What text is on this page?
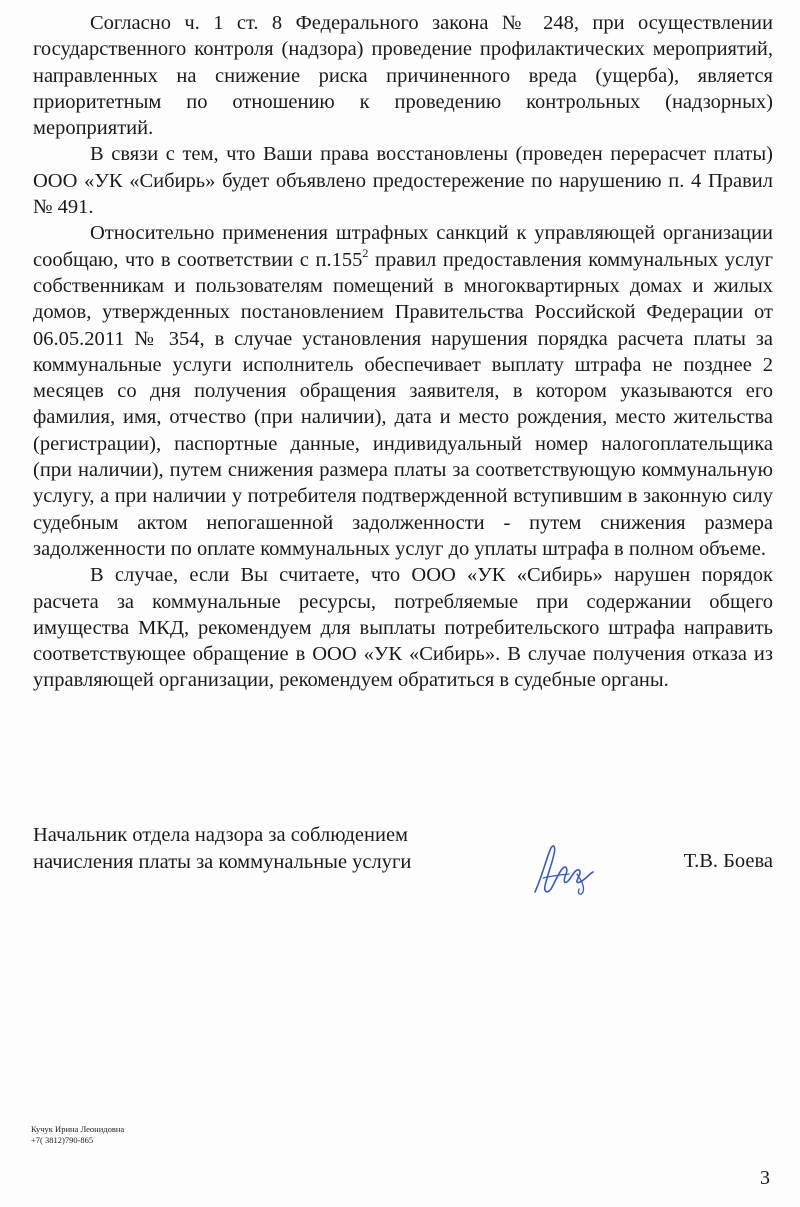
Согласно ч. 1 ст. 8 Федерального закона № 248, при осуществлении государственного контроля (надзора) проведение профилактических мероприятий, направленных на снижение риска причиненного вреда (ущерба), является приоритетным по отношению к проведению контрольных (надзорных) мероприятий.

В связи с тем, что Ваши права восстановлены (проведен перерасчет платы) ООО «УК «Сибирь» будет объявлено предостережение по нарушению п. 4 Правил № 491.

Относительно применения штрафных санкций к управляющей организации сообщаю, что в соответствии с п.155$^2$ правил предоставления коммунальных услуг собственникам и пользователям помещений в многоквартирных домах и жилых домов, утвержденных постановлением Правительства Российской Федерации от 06.05.2011 № 354, в случае установления нарушения порядка расчета платы за коммунальные услуги исполнитель обеспечивает выплату штрафа не позднее 2 месяцев со дня получения обращения заявителя, в котором указываются его фамилия, имя, отчество (при наличии), дата и место рождения, место жительства (регистрации), паспортные данные, индивидуальный номер налогоплательщика (при наличии), путем снижения размера платы за соответствующую коммунальную услугу, а при наличии у потребителя подтвержденной вступившим в законную силу судебным актом непогашенной задолженности - путем снижения размера задолженности по оплате коммунальных услуг до уплаты штрафа в полном объеме.

В случае, если Вы считаете, что ООО «УК «Сибирь» нарушен порядок расчета за коммунальные ресурсы, потребляемые при содержании общего имущества МКД, рекомендуем для выплаты потребительского штрафа направить соответствующее обращение в ООО «УК «Сибирь». В случае получения отказа из управляющей организации, рекомендуем обратиться в судебные органы.

Начальник отдела надзора за соблюдением
начисления платы за коммунальные услуги	Т.В. Боева
Кучук Ирина Леонидовна
+7( 3812)790-865
3
